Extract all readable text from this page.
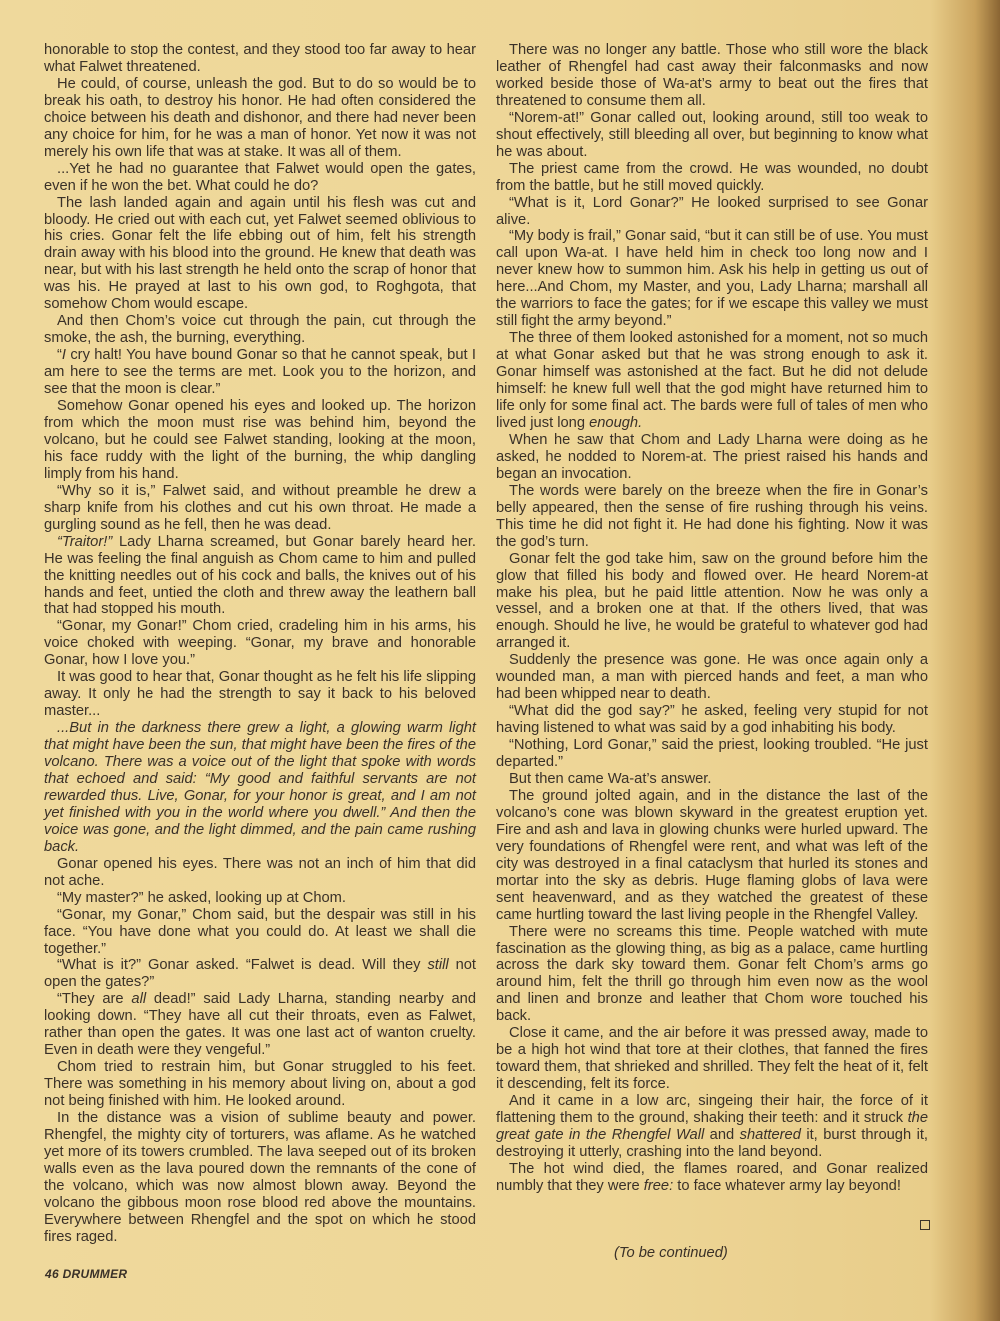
honorable to stop the contest, and they stood too far away to hear what Falwet threatened.

He could, of course, unleash the god. But to do so would be to break his oath, to destroy his honor. He had often considered the choice between his death and dishonor, and there had never been any choice for him, for he was a man of honor. Yet now it was not merely his own life that was at stake. It was all of them.

...Yet he had no guarantee that Falwet would open the gates, even if he won the bet. What could he do?

The lash landed again and again until his flesh was cut and bloody. He cried out with each cut, yet Falwet seemed oblivious to his cries. Gonar felt the life ebbing out of him, felt his strength drain away with his blood into the ground. He knew that death was near, but with his last strength he held onto the scrap of honor that was his. He prayed at last to his own god, to Roghgota, that somehow Chom would escape.

And then Chom’s voice cut through the pain, cut through the smoke, the ash, the burning, everything.

“I cry halt! You have bound Gonar so that he cannot speak, but I am here to see the terms are met. Look you to the horizon, and see that the moon is clear.”

Somehow Gonar opened his eyes and looked up. The horizon from which the moon must rise was behind him, beyond the volcano, but he could see Falwet standing, looking at the moon, his face ruddy with the light of the burning, the whip dangling limply from his hand.

“Why so it is,” Falwet said, and without preamble he drew a sharp knife from his clothes and cut his own throat. He made a gurgling sound as he fell, then he was dead.

“Traitor!” Lady Lharna screamed, but Gonar barely heard her. He was feeling the final anguish as Chom came to him and pulled the knitting needles out of his cock and balls, the knives out of his hands and feet, untied the cloth and threw away the leathern ball that had stopped his mouth.

“Gonar, my Gonar!” Chom cried, cradeling him in his arms, his voice choked with weeping. “Gonar, my brave and honorable Gonar, how I love you.”

It was good to hear that, Gonar thought as he felt his life slipping away. It only he had the strength to say it back to his beloved master...

...But in the darkness there grew a light, a glowing warm light that might have been the sun, that might have been the fires of the volcano. There was a voice out of the light that spoke with words that echoed and said: “My good and faithful servants are not rewarded thus. Live, Gonar, for your honor is great, and I am not yet finished with you in the world where you dwell.” And then the voice was gone, and the light dimmed, and the pain came rushing back.

Gonar opened his eyes. There was not an inch of him that did not ache.

“My master?” he asked, looking up at Chom.

“Gonar, my Gonar,” Chom said, but the despair was still in his face. “You have done what you could do. At least we shall die together.”

“What is it?” Gonar asked. “Falwet is dead. Will they still not open the gates?”

“They are all dead!” said Lady Lharna, standing nearby and looking down. “They have all cut their throats, even as Falwet, rather than open the gates. It was one last act of wanton cruelty. Even in death were they vengeful.”

Chom tried to restrain him, but Gonar struggled to his feet. There was something in his memory about living on, about a god not being finished with him. He looked around.

In the distance was a vision of sublime beauty and power. Rhengfel, the mighty city of torturers, was aflame. As he watched yet more of its towers crumbled. The lava seeped out of its broken walls even as the lava poured down the remnants of the cone of the volcano, which was now almost blown away. Beyond the volcano the gibbous moon rose blood red above the mountains. Everywhere between Rhengfel and the spot on which he stood fires raged.

There was no longer any battle. Those who still wore the black leather of Rhengfel had cast away their falconmasks and now worked beside those of Wa-at’s army to beat out the fires that threatened to consume them all.

“Norem-at!” Gonar called out, looking around, still too weak to shout effectively, still bleeding all over, but beginning to know what he was about.

The priest came from the crowd. He was wounded, no doubt from the battle, but he still moved quickly.

“What is it, Lord Gonar?” He looked surprised to see Gonar alive.

“My body is frail,” Gonar said, “but it can still be of use. You must call upon Wa-at. I have held him in check too long now and I never knew how to summon him. Ask his help in getting us out of here...And Chom, my Master, and you, Lady Lharna; marshall all the warriors to face the gates; for if we escape this valley we must still fight the army beyond.”

The three of them looked astonished for a moment, not so much at what Gonar asked but that he was strong enough to ask it. Gonar himself was astonished at the fact. But he did not delude himself: he knew full well that the god might have returned him to life only for some final act. The bards were full of tales of men who lived just long enough.

When he saw that Chom and Lady Lharna were doing as he asked, he nodded to Norem-at. The priest raised his hands and began an invocation.

The words were barely on the breeze when the fire in Gonar’s belly appeared, then the sense of fire rushing through his veins. This time he did not fight it. He had done his fighting. Now it was the god’s turn.

Gonar felt the god take him, saw on the ground before him the glow that filled his body and flowed over. He heard Norem-at make his plea, but he paid little attention. Now he was only a vessel, and a broken one at that. If the others lived, that was enough. Should he live, he would be grateful to whatever god had arranged it.

Suddenly the presence was gone. He was once again only a wounded man, a man with pierced hands and feet, a man who had been whipped near to death.

“What did the god say?” he asked, feeling very stupid for not having listened to what was said by a god inhabiting his body.

“Nothing, Lord Gonar,” said the priest, looking troubled. “He just departed.”

But then came Wa-at’s answer.

The ground jolted again, and in the distance the last of the volcano’s cone was blown skyward in the greatest eruption yet. Fire and ash and lava in glowing chunks were hurled upward. The very foundations of Rhengfel were rent, and what was left of the city was destroyed in a final cataclysm that hurled its stones and mortar into the sky as debris. Huge flaming globs of lava were sent heavenward, and as they watched the greatest of these came hurtling toward the last living people in the Rhengfel Valley.

There were no screams this time. People watched with mute fascination as the glowing thing, as big as a palace, came hurtling across the dark sky toward them. Gonar felt Chom’s arms go around him, felt the thrill go through him even now as the wool and linen and bronze and leather that Chom wore touched his back.

Close it came, and the air before it was pressed away, made to be a high hot wind that tore at their clothes, that fanned the fires toward them, that shrieked and shrilled. They felt the heat of it, felt it descending, felt its force.

And it came in a low arc, singeing their hair, the force of it flattening them to the ground, shaking their teeth: and it struck the great gate in the Rhengfel Wall and shattered it, burst through it, destroying it utterly, crashing into the land beyond.

The hot wind died, the flames roared, and Gonar realized numbly that they were free: to face whatever army lay beyond!

(To be continued)
46 DRUMMER
